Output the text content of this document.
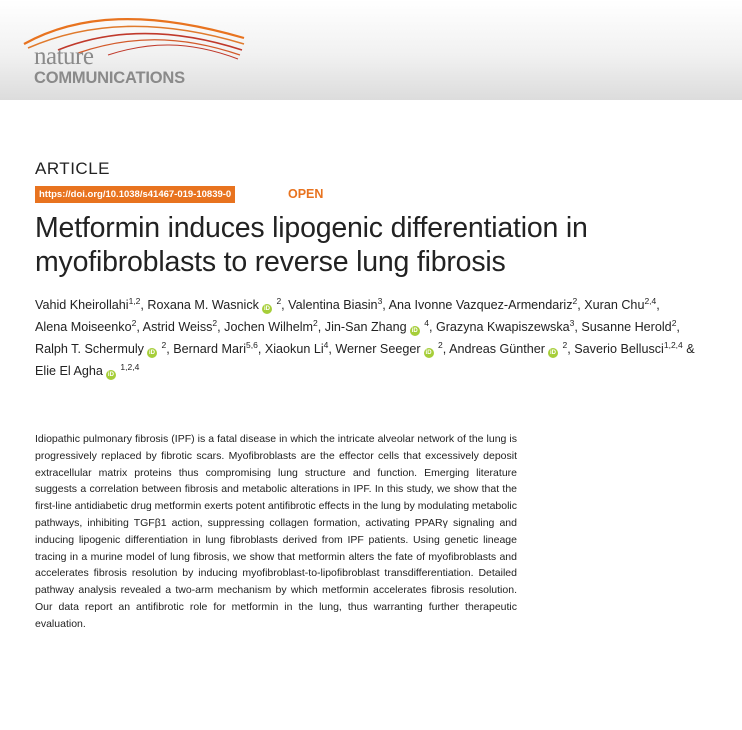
nature
COMMUNICATIONS
ARTICLE
https://doi.org/10.1038/s41467-019-10839-0	OPEN
Metformin induces lipogenic differentiation in myofibroblasts to reverse lung fibrosis

Vahid Kheirollahi$^{1,2}$, Roxana M. Wasnick iD $^2$, Valentina Biasin$^3$, Ana Ivonne Vazquez-Armendariz$^2$, Xuran Chu$^{2,4}$, Alena Moiseenko$^2$, Astrid Weiss$^2$, Jochen Wilhelm$^2$, Jin-San Zhang iD $^4$, Grazyna Kwapiszewska$^3$, Susanne Herold$^2$, Ralph T. Schermuly iD $^2$, Bernard Mari$^{5,6}$, Xiaokun Li$^4$, Werner Seeger iD $^2$, Andreas Günther iD $^2$, Saverio Bellusci$^{1,2,4}$ & Elie El Agha iD $^{1,2,4}$

Idiopathic pulmonary fibrosis (IPF) is a fatal disease in which the intricate alveolar network of the lung is progressively replaced by fibrotic scars. Myofibroblasts are the effector cells that excessively deposit extracellular matrix proteins thus compromising lung structure and function. Emerging literature suggests a correlation between fibrosis and metabolic alterations in IPF. In this study, we show that the first-line antidiabetic drug metformin exerts potent antifibrotic effects in the lung by modulating metabolic pathways, inhibiting TGFβ1 action, suppressing collagen formation, activating PPARγ signaling and inducing lipogenic differentiation in lung fibroblasts derived from IPF patients. Using genetic lineage tracing in a murine model of lung fibrosis, we show that metformin alters the fate of myofibroblasts and accelerates fibrosis resolution by inducing myofibroblast-to-lipofibroblast transdifferentiation. Detailed pathway analysis revealed a two-arm mechanism by which metformin accelerates fibrosis resolution. Our data report an antifibrotic role for metformin in the lung, thus warranting further therapeutic evaluation.
